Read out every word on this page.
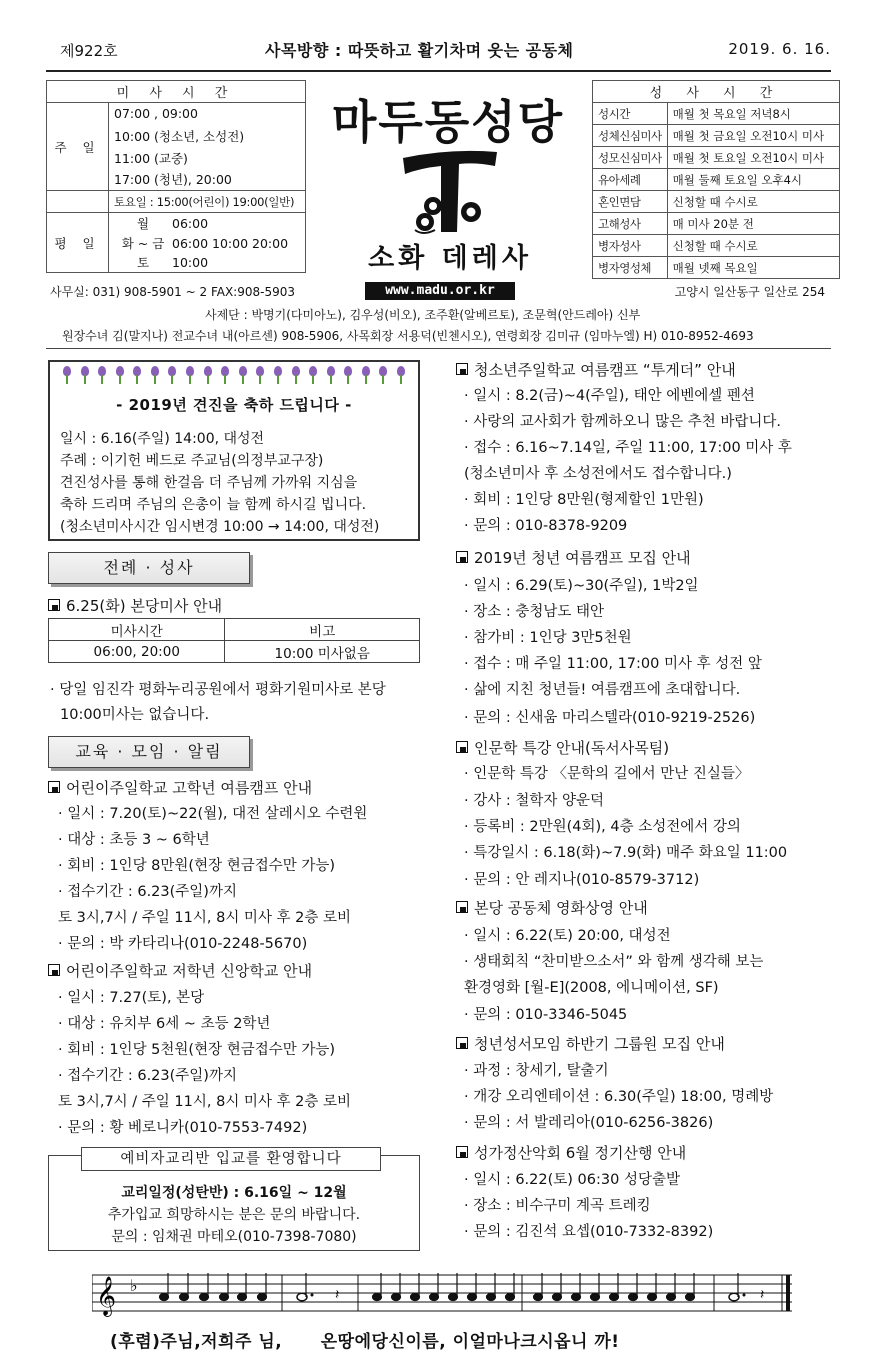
제922호	사목방향 : 따뜻하고 활기차며 웃는 공동체	2019. 6. 16.
미 사 시 간	
주 일	07:00 , 09:00
	10:00 (청소년, 소성전)
	11:00 (교중)
	17:00 (청년), 20:00
	토요일 : 15:00(어린이) 19:00(일반)
평 일	월 06:00
	화 ~ 금 06:00 10:00 20:00
	토 10:00
마두동성당
소화 데레사
www.madu.or.kr
성 사 시 간	
성시간	매월 첫 목요일 저녁8시
성체신심미사	매월 첫 금요일 오전10시 미사
성모신심미사	매월 첫 토요일 오전10시 미사
유아세례	매월 둘째 토요일 오후4시
혼인면담	신청할 때 수시로
고해성사	매 미사 20분 전
병자성사	신청할 때 수시로
병자영성체	매월 넷째 목요일
사무실: 031) 908-5901 ~ 2 FAX:908-5903	고양시 일산동구 일산로 254
사제단 : 박명기(다미아노), 김우성(비오), 조주환(알베르토), 조문혁(안드레아) 신부
원장수녀 김(말지나) 전교수녀 내(아르센) 908-5906, 사목회장 서용덕(빈첸시오), 연령회장 김미규 (임마누엘) H) 010-8952-4693
- 2019년 견진을 축하 드립니다 -
일시 : 6.16(주일) 14:00, 대성전
주례 : 이기헌 베드로 주교님(의정부교구장)
견진성사를 통해 한걸음 더 주님께 가까워 지심을
축하 드리며 주님의 은총이 늘 함께 하시길 빕니다.
(청소년미사시간 임시변경 10:00 → 14:00, 대성전)
전례 · 성사
6.25(화) 본당미사 안내
미사시간	비고
06:00, 20:00	10:00 미사없음
· 당일 임진각 평화누리공원에서 평화기원미사로 본당
10:00미사는 없습니다.
교육 · 모임 · 알림
어린이주일학교 고학년 여름캠프 안내
· 일시 : 7.20(토)~22(월), 대전 살레시오 수련원
· 대상 : 초등 3 ~ 6학년
· 회비 : 1인당 8만원(현장 현금접수만 가능)
· 접수기간 : 6.23(주일)까지
토 3시,7시 / 주일 11시, 8시 미사 후 2층 로비
· 문의 : 박 카타리나(010-2248-5670)
어린이주일학교 저학년 신앙학교 안내
· 일시 : 7.27(토), 본당
· 대상 : 유치부 6세 ~ 초등 2학년
· 회비 : 1인당 5천원(현장 현금접수만 가능)
· 접수기간 : 6.23(주일)까지
토 3시,7시 / 주일 11시, 8시 미사 후 2층 로비
· 문의 : 황 베로니카(010-7553-7492)
예비자교리반 입교를 환영합니다
교리일정(성탄반) : 6.16일 ~ 12월
추가입교 희망하시는 분은 문의 바랍니다.
문의 : 임채권 마테오(010-7398-7080)
청소년주일학교 여름캠프 “투게더” 안내
· 일시 : 8.2(금)~4(주일), 태안 에벤에셀 펜션
· 사랑의 교사회가 함께하오니 많은 추천 바랍니다.
· 접수 : 6.16~7.14일, 주일 11:00, 17:00 미사 후
(청소년미사 후 소성전에서도 접수합니다.)
· 회비 : 1인당 8만원(형제할인 1만원)
· 문의 : 010-8378-9209
2019년 청년 여름캠프 모집 안내
· 일시 : 6.29(토)~30(주일), 1박2일
· 장소 : 충청남도 태안
· 참가비 : 1인당 3만5천원
· 접수 : 매 주일 11:00, 17:00 미사 후 성전 앞
· 삶에 지친 청년들! 여름캠프에 초대합니다.
· 문의 : 신새움 마리스텔라(010-9219-2526)
인문학 특강 안내(독서사목팀)
· 인문학 특강 〈문학의 길에서 만난 진실들〉
· 강사 : 철학자 양운덕
· 등록비 : 2만원(4회), 4층 소성전에서 강의
· 특강일시 : 6.18(화)~7.9(화) 매주 화요일 11:00
· 문의 : 안 레지나(010-8579-3712)
본당 공동체 영화상영 안내
· 일시 : 6.22(토) 20:00, 대성전
· 생태회칙 “찬미받으소서” 와 함께 생각해 보는
환경영화 [월-E](2008, 에니메이션, SF)
· 문의 : 010-3346-5045
청년성서모임 하반기 그룹원 모집 안내
· 과정 : 창세기, 탈출기
· 개강 오리엔테이션 : 6.30(주일) 18:00, 명례방
· 문의 : 서 발레리아(010-6256-3826)
성가정산악회 6월 정기산행 안내
· 일시 : 6.22(토) 06:30 성당출발
· 장소 : 비수구미 계곡 트레킹
· 문의 : 김진석 요셉(010-7332-8392)
𝄞 ♭	𝄽	𝄽
(후렴)주님,저희주 님,      온땅에당신이름, 이얼마나크시옵니 까!
